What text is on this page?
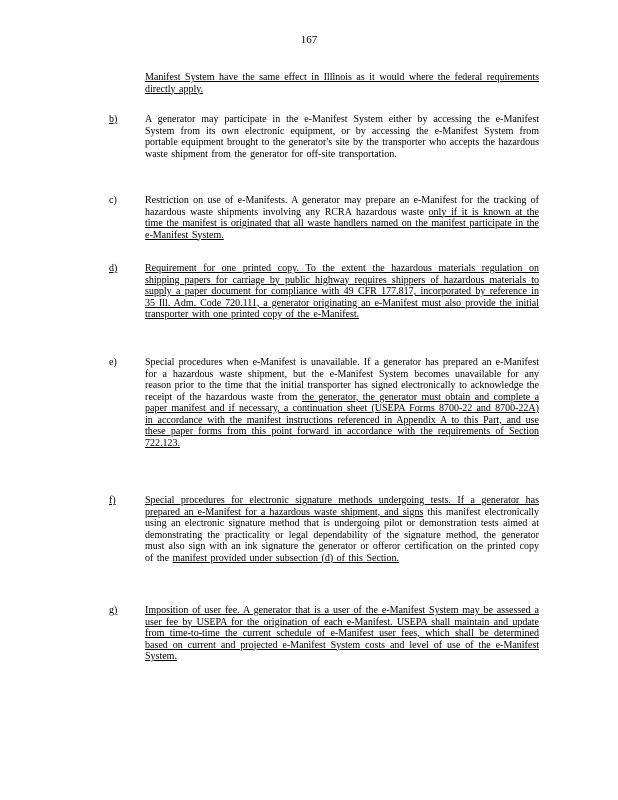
167
Manifest System have the same effect in Illinois as it would where the federal requirements directly apply.
b)	A generator may participate in the e-Manifest System either by accessing the e-Manifest System from its own electronic equipment, or by accessing the e-Manifest System from portable equipment brought to the generator's site by the transporter who accepts the hazardous waste shipment from the generator for off-site transportation.
c)	Restriction on use of e-Manifests. A generator may prepare an e-Manifest for the tracking of hazardous waste shipments involving any RCRA hazardous waste only if it is known at the time the manifest is originated that all waste handlers named on the manifest participate in the e-Manifest System.
d)	Requirement for one printed copy. To the extent the hazardous materials regulation on shipping papers for carriage by public highway requires shippers of hazardous materials to supply a paper document for compliance with 49 CFR 177.817, incorporated by reference in 35 Ill. Adm. Code 720.111, a generator originating an e-Manifest must also provide the initial transporter with one printed copy of the e-Manifest.
e)	Special procedures when e-Manifest is unavailable. If a generator has prepared an e-Manifest for a hazardous waste shipment, but the e-Manifest System becomes unavailable for any reason prior to the time that the initial transporter has signed electronically to acknowledge the receipt of the hazardous waste from the generator, the generator must obtain and complete a paper manifest and if necessary, a continuation sheet (USEPA Forms 8700-22 and 8700-22A) in accordance with the manifest instructions referenced in Appendix A to this Part, and use these paper forms from this point forward in accordance with the requirements of Section 722.123.
f)	Special procedures for electronic signature methods undergoing tests. If a generator has prepared an e-Manifest for a hazardous waste shipment, and signs this manifest electronically using an electronic signature method that is undergoing pilot or demonstration tests aimed at demonstrating the practicality or legal dependability of the signature method, the generator must also sign with an ink signature the generator or offeror certification on the printed copy of the manifest provided under subsection (d) of this Section.
g)	Imposition of user fee. A generator that is a user of the e-Manifest System may be assessed a user fee by USEPA for the origination of each e-Manifest. USEPA shall maintain and update from time-to-time the current schedule of e-Manifest user fees, which shall be determined based on current and projected e-Manifest System costs and level of use of the e-Manifest System.
